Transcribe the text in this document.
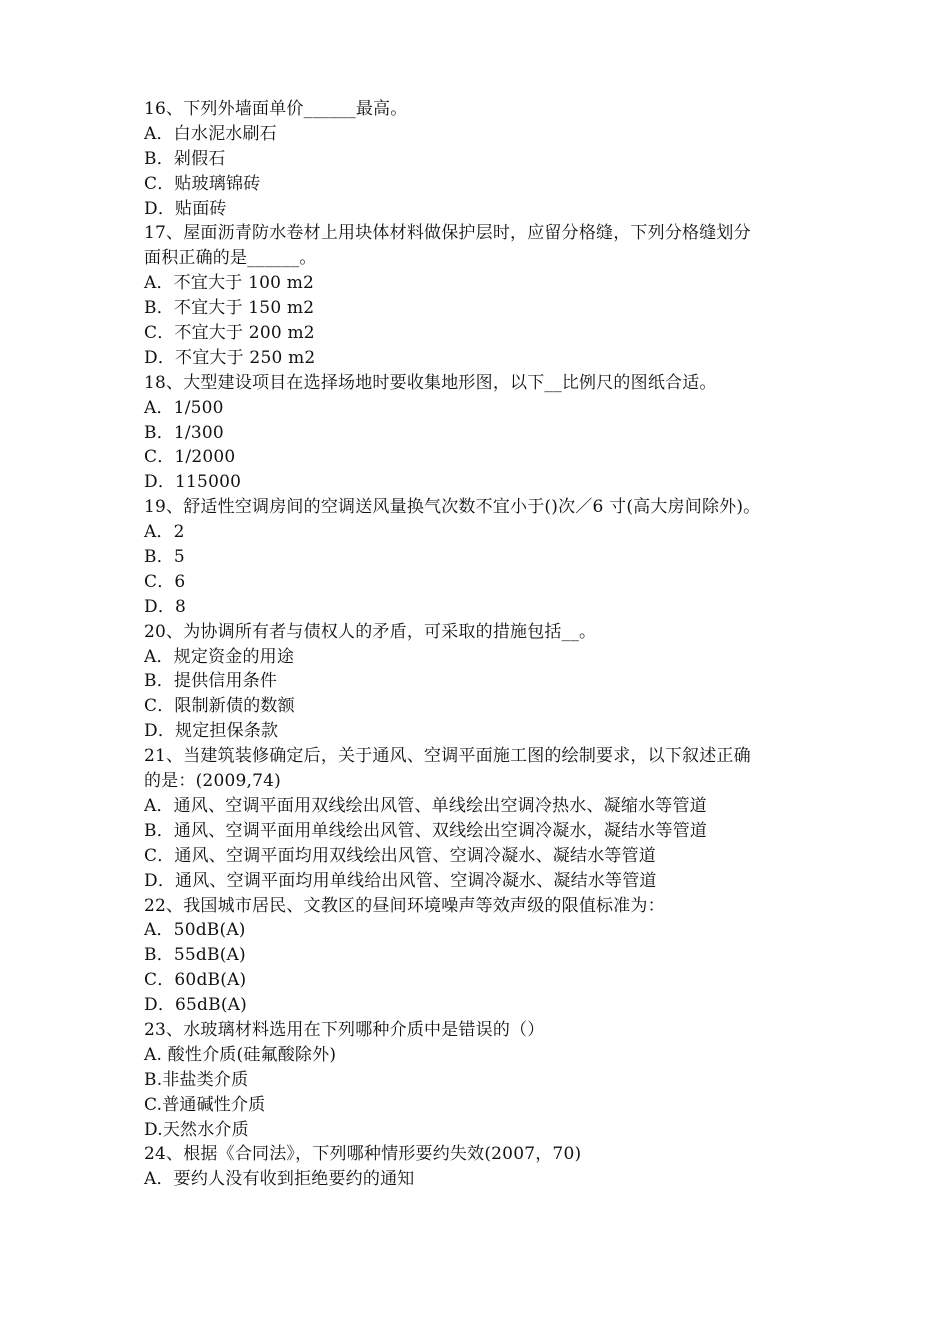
16、下列外墙面单价______最高。
A．白水泥水刷石
B．剁假石
C．贴玻璃锦砖
D．贴面砖
17、屋面沥青防水卷材上用块体材料做保护层时，应留分格缝，下列分格缝划分
面积正确的是______。
A．不宜大于 100 m2
B．不宜大于 150 m2
C．不宜大于 200 m2
D．不宜大于 250 m2
18、大型建设项目在选择场地时要收集地形图，以下__比例尺的图纸合适。
A．1/500
B．1/300
C．1/2000
D．115000
19、舒适性空调房间的空调送风量换气次数不宜小于()次／6 寸(高大房间除外)。
A．2
B．5
C．6
D．8
20、为协调所有者与债权人的矛盾，可采取的措施包括__。
A．规定资金的用途
B．提供信用条件
C．限制新债的数额
D．规定担保条款
21、当建筑装修确定后，关于通风、空调平面施工图的绘制要求，以下叙述正确
的是：(2009,74)
A．通风、空调平面用双线绘出风管、单线绘出空调冷热水、凝缩水等管道
B．通风、空调平面用单线绘出风管、双线绘出空调冷凝水，凝结水等管道
C．通风、空调平面均用双线绘出风管、空调冷凝水、凝结水等管道
D．通风、空调平面均用单线给出风管、空调冷凝水、凝结水等管道
22、我国城市居民、文教区的昼间环境噪声等效声级的限值标准为：
A．50dB(A)
B．55dB(A)
C．60dB(A)
D．65dB(A)
23、水玻璃材料选用在下列哪种介质中是错误的（）
A. 酸性介质(硅氟酸除外)
B.非盐类介质
C.普通碱性介质
D.天然水介质
24、根据《合同法》，下列哪种情形要约失效(2007，70)
A．要约人没有收到拒绝要约的通知
